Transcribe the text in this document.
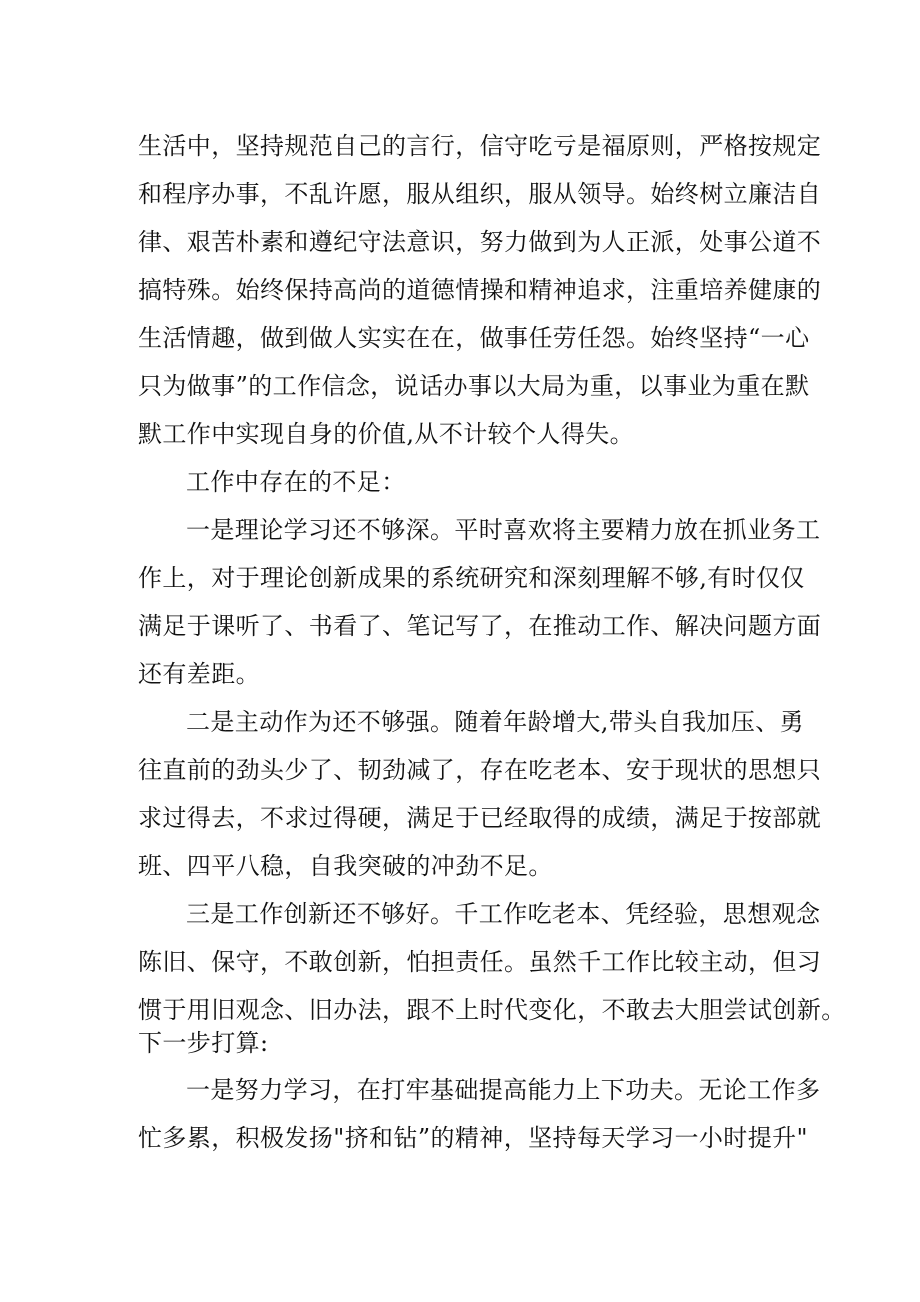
生活中，坚持规范自己的言行，信守吃亏是福原则，严格按规定
和程序办事，不乱许愿，服从组织，服从领导。始终树立廉洁自
律、艰苦朴素和遵纪守法意识，努力做到为人正派，处事公道不
搞特殊。始终保持高尚的道德情操和精神追求，注重培养健康的
生活情趣，做到做人实实在在，做事任劳任怨。始终坚持“一心
只为做事”的工作信念，说话办事以大局为重，以事业为重在默
默工作中实现自身的价值,从不计较个人得失。
工作中存在的不足：
一是理论学习还不够深。平时喜欢将主要精力放在抓业务工
作上，对于理论创新成果的系统研究和深刻理解不够,有时仅仅
满足于课听了、书看了、笔记写了，在推动工作、解决问题方面
还有差距。
二是主动作为还不够强。随着年龄增大,带头自我加压、勇
往直前的劲头少了、韧劲减了，存在吃老本、安于现状的思想只
求过得去，不求过得硬，满足于已经取得的成绩，满足于按部就
班、四平八稳，自我突破的冲劲不足。
三是工作创新还不够好。千工作吃老本、凭经验，思想观念
陈旧、保守，不敢创新，怕担责任。虽然千工作比较主动，但习
惯于用旧观念、旧办法，跟不上时代变化，不敢去大胆尝试创新。
下一步打算:
一是努力学习，在打牢基础提高能力上下功夫。无论工作多
忙多累，积极发扬"挤和钻”的精神，坚持每天学习一小时提升"
